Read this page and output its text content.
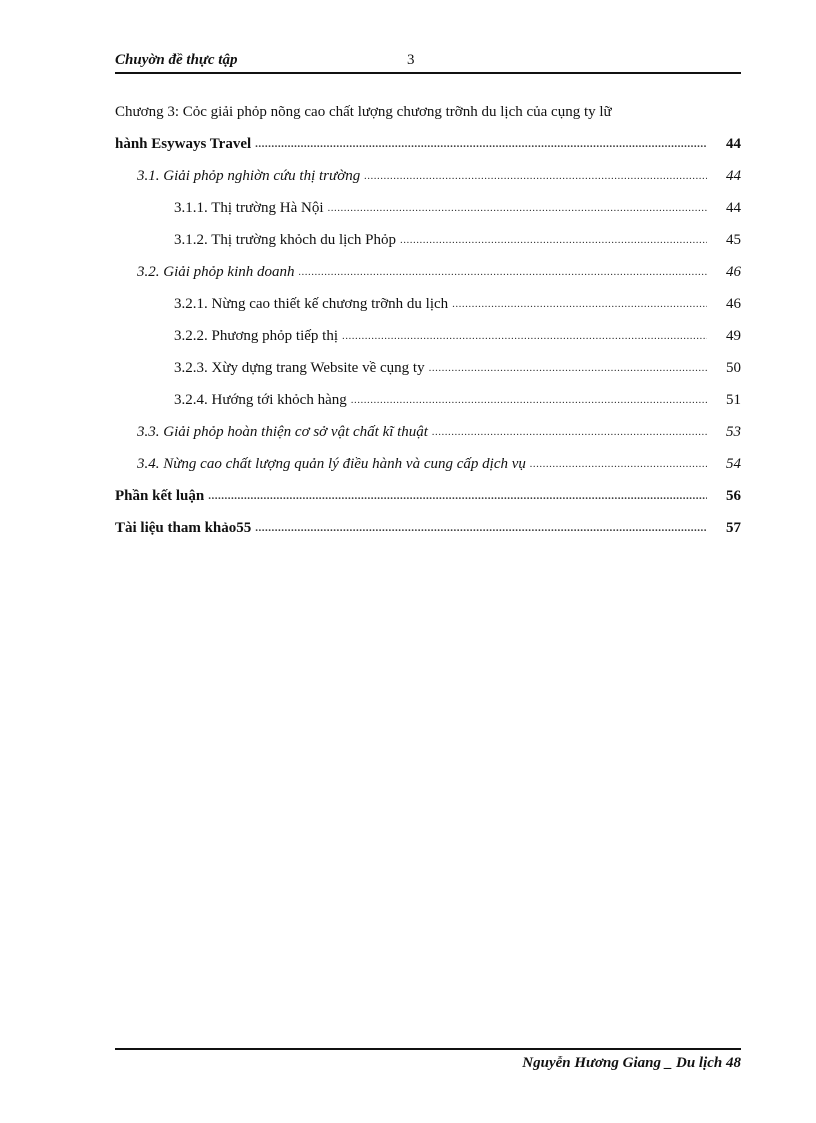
Chuyờn đề thực tập	3
Chương 3: Cỏc giải phỏp nõng cao chất lượng chương trỡnh du lịch của cụng ty lữ
hành Esyways Travel .....	44
3.1. Giải phỏp nghiờn cứu thị trường .....	44
3.1.1. Thị trường Hà Nội .....	44
3.1.2. Thị trường khỏch du lịch Phỏp .....	45
3.2. Giải phỏp kinh doanh .....	46
3.2.1. Nừng cao thiết kế chương trỡnh du lịch .....	46
3.2.2. Phương phỏp tiếp thị .....	49
3.2.3. Xừy dựng trang Website về cụng ty .....	50
3.2.4. Hướng tới khỏch hàng .....	51
3.3. Giải phỏp hoàn thiện cơ sở vật chất kĩ thuật .....	53
3.4. Nừng cao chất lượng quản lý điều hành và cung cấp dịch vụ .....	54
Phần kết luận .....	56
Tài liệu tham khảo55 .....	57
Nguyễn Hương Giang _ Du lịch 48
